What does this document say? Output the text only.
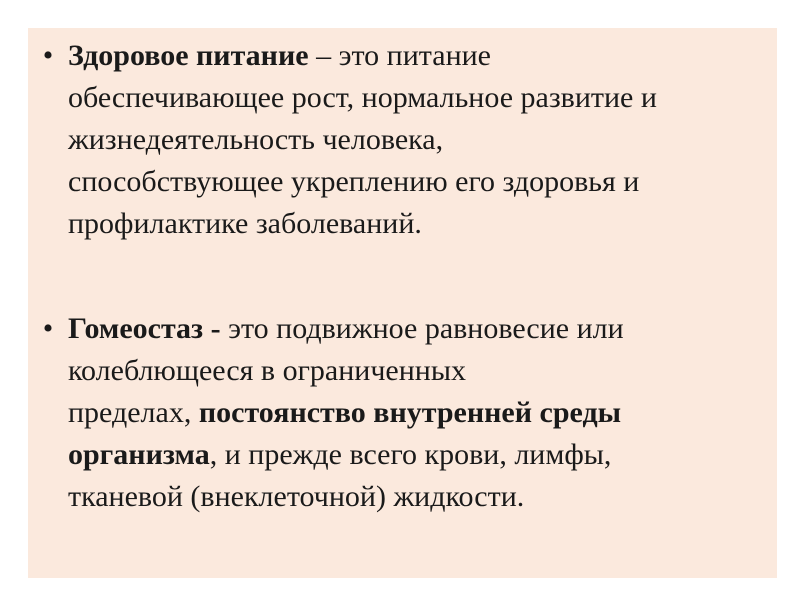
• Здоровое питание – это питание
обеспечивающее рост, нормальное развитие и
жизнедеятельность человека,
способствующее укреплению его здоровья и
профилактике заболеваний.
• Гомеостаз - это подвижное равновесие или
колеблющееся в ограниченных
пределах, постоянство внутренней среды
организма, и прежде всего крови, лимфы,
тканевой (внеклеточной) жидкости.
